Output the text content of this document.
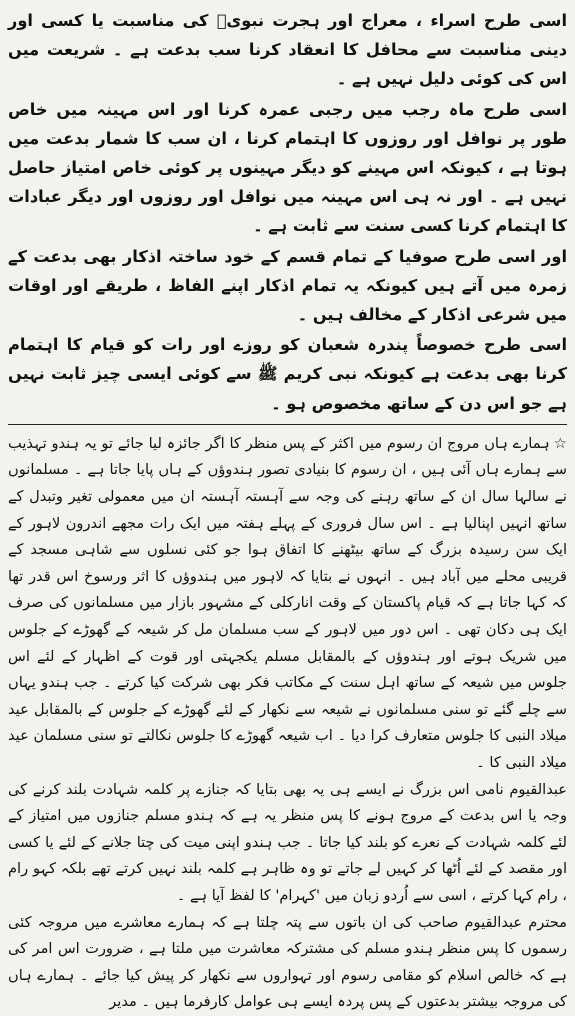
اسی طرح اسراء ، معراج اور ہجرت نبویؐ کی مناسبت یا کسی اور دینی مناسبت سے محافل کا انعقاد کرنا سب بدعت ہے ۔ شریعت میں اس کی کوئی دلیل نہیں ہے ۔

اسی طرح ماہ رجب میں رجبی عمرہ کرنا اور اس مہینہ میں خاص طور پر نوافل اور روزوں کا اہتمام کرنا ، ان سب کا شمار بدعت میں ہوتا ہے ، کیونکہ اس مہینے کو دیگر مہینوں پر کوئی خاص امتیاز حاصل نہیں ہے ۔ اور نہ ہی اس مہینہ میں نوافل اور روزوں اور دیگر عبادات کا اہتمام کرنا کسی سنت سے ثابت ہے ۔

اور اسی طرح صوفیا کے تمام قسم کے خود ساختہ اذکار بھی بدعت کے زمرہ میں آتے ہیں کیونکہ یہ تمام اذکار اپنے الفاظ ، طریقے اور اوقات میں شرعی اذکار کے مخالف ہیں ۔

اسی طرح خصوصاً پندرہ شعبان کو روزے اور رات کو قیام کا اہتمام کرنا بھی بدعت ہے کیونکہ نبی کریم ﷺ سے کوئی ایسی چیز ثابت نہیں ہے جو اس دن کے ساتھ مخصوص ہو ۔

☆ہمارے ہاں مروج ان رسوم میں اکثر کے پس منظر کا اگر جائزہ لیا جائے تو یہ ہندو تہذیب سے ہمارے ہاں آئی ہیں ، ان رسوم کا بنیادی تصور ہندوؤں کے ہاں پایا جاتا ہے ۔ مسلمانوں نے سالہا سال ان کے ساتھ رہنے کی وجہ سے آہستہ آہستہ ان میں معمولی تغیر وتبدل کے ساتھ انہیں اپنالیا ہے ۔ اس سال فروری کے پہلے ہفتہ میں ایک رات مجھے اندرون لاہور کے ایک سن رسیدہ بزرگ کے ساتھ بیٹھنے کا اتفاق ہوا جو کئی نسلوں سے شاہی مسجد کے قریبی محلے میں آباد ہیں ۔ انہوں نے بتایا کہ لاہور میں ہندوؤں کا اثر ورسوخ اس قدر تھا کہ کہا جاتا ہے کہ قیام پاکستان کے وقت انارکلی کے مشہور بازار میں مسلمانوں کی صرف ایک ہی دکان تھی ۔ اس دور میں لاہور کے سب مسلمان مل کر شیعہ کے گھوڑے کے جلوس میں شریک ہوتے اور ہندوؤں کے بالمقابل مسلم یکجہتی اور قوت کے اظہار کے لئے اس جلوس میں شیعہ کے ساتھ اہل سنت کے مکاتب فکر بھی شرکت کیا کرتے ۔ جب ہندو یہاں سے چلے گئے تو سنی مسلمانوں نے شیعہ سے نکھار کے لئے گھوڑے کے جلوس کے بالمقابل عید میلاد النبی کا جلوس متعارف کرا دیا ۔ اب شیعہ گھوڑے کا جلوس نکالتے تو سنی مسلمان عید میلاد النبی کا ۔

عبدالقیوم نامی اس بزرگ نے ایسے ہی یہ بھی بتایا کہ جنازے پر کلمہ شہادت بلند کرنے کی وجہ یا اس بدعت کے مروج ہونے کا پس منظر یہ ہے کہ ہندو مسلم جنازوں میں امتیاز کے لئے کلمہ شہادت کے نعرے کو بلند کیا جاتا ۔ جب ہندو اپنی میت کی چتا جلانے کے لئے یا کسی اور مقصد کے لئے اُٹھا کر کہیں لے جاتے تو وہ ظاہر ہے کلمہ بلند نہیں کرتے تھے بلکہ کہو رام ، رام کہا کرتے ، اسی سے اُردو زبان میں 'کہرام' کا لفظ آیا ہے ۔

محترم عبدالقیوم صاحب کی ان باتوں سے پتہ چلتا ہے کہ ہمارے معاشرے میں مروجہ کئی رسموں کا پس منظر ہندو مسلم کی مشترکہ معاشرت میں ملتا ہے ، ضرورت اس امر کی ہے کہ خالص اسلام کو مقامی رسوم اور تہواروں سے نکھار کر پیش کیا جائے ۔ ہمارے ہاں کی مروجہ بیشتر بدعتوں کے پس پردہ ایسے ہی عوامل کارفرما ہیں ۔ مدیر
